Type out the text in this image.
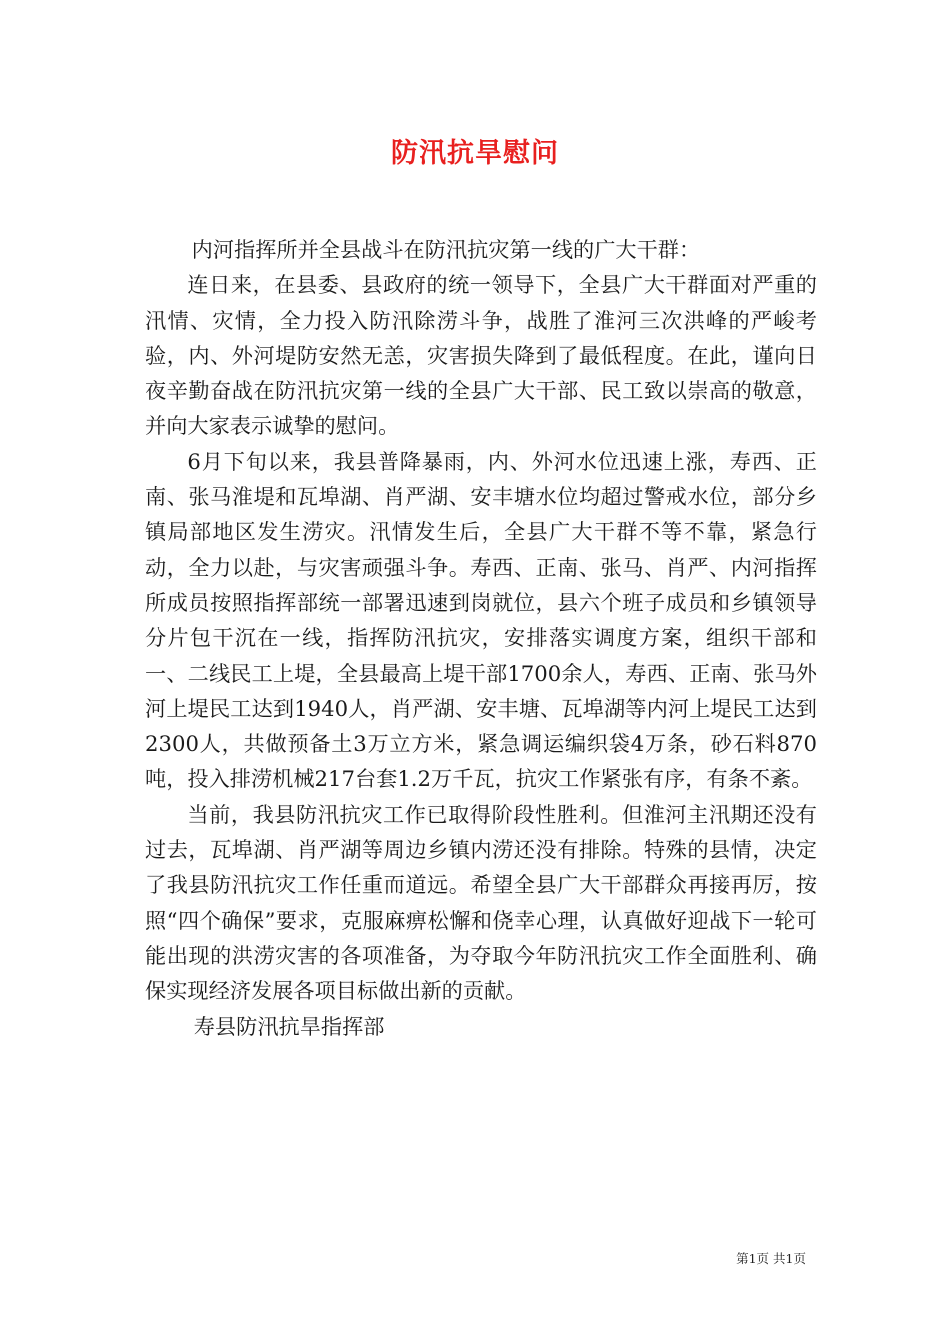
防汛抗旱慰问

内河指挥所并全县战斗在防汛抗灾第一线的广大干群：

连日来，在县委、县政府的统一领导下，全县广大干群面对严重的汛情、灾情，全力投入防汛除涝斗争，战胜了淮河三次洪峰的严峻考验，内、外河堤防安然无恙，灾害损失降到了最低程度。在此，谨向日夜辛勤奋战在防汛抗灾第一线的全县广大干部、民工致以崇高的敬意，并向大家表示诚挚的慰问。

6月下旬以来，我县普降暴雨，内、外河水位迅速上涨，寿西、正南、张马淮堤和瓦埠湖、肖严湖、安丰塘水位均超过警戒水位，部分乡镇局部地区发生涝灾。汛情发生后，全县广大干群不等不靠，紧急行动，全力以赴，与灾害顽强斗争。寿西、正南、张马、肖严、内河指挥所成员按照指挥部统一部署迅速到岗就位，县六个班子成员和乡镇领导分片包干沉在一线，指挥防汛抗灾，安排落实调度方案，组织干部和一、二线民工上堤，全县最高上堤干部1700余人，寿西、正南、张马外河上堤民工达到1940人，肖严湖、安丰塘、瓦埠湖等内河上堤民工达到2300人，共做预备土3万立方米，紧急调运编织袋4万条，砂石料870吨，投入排涝机械217台套1.2万千瓦，抗灾工作紧张有序，有条不紊。

当前，我县防汛抗灾工作已取得阶段性胜利。但淮河主汛期还没有过去，瓦埠湖、肖严湖等周边乡镇内涝还没有排除。特殊的县情，决定了我县防汛抗灾工作任重而道远。希望全县广大干部群众再接再厉，按照“四个确保”要求，克服麻痹松懈和侥幸心理，认真做好迎战下一轮可能出现的洪涝灾害的各项准备，为夺取今年防汛抗灾工作全面胜利、确保实现经济发展各项目标做出新的贡献。

寿县防汛抗旱指挥部

第1页 共1页
